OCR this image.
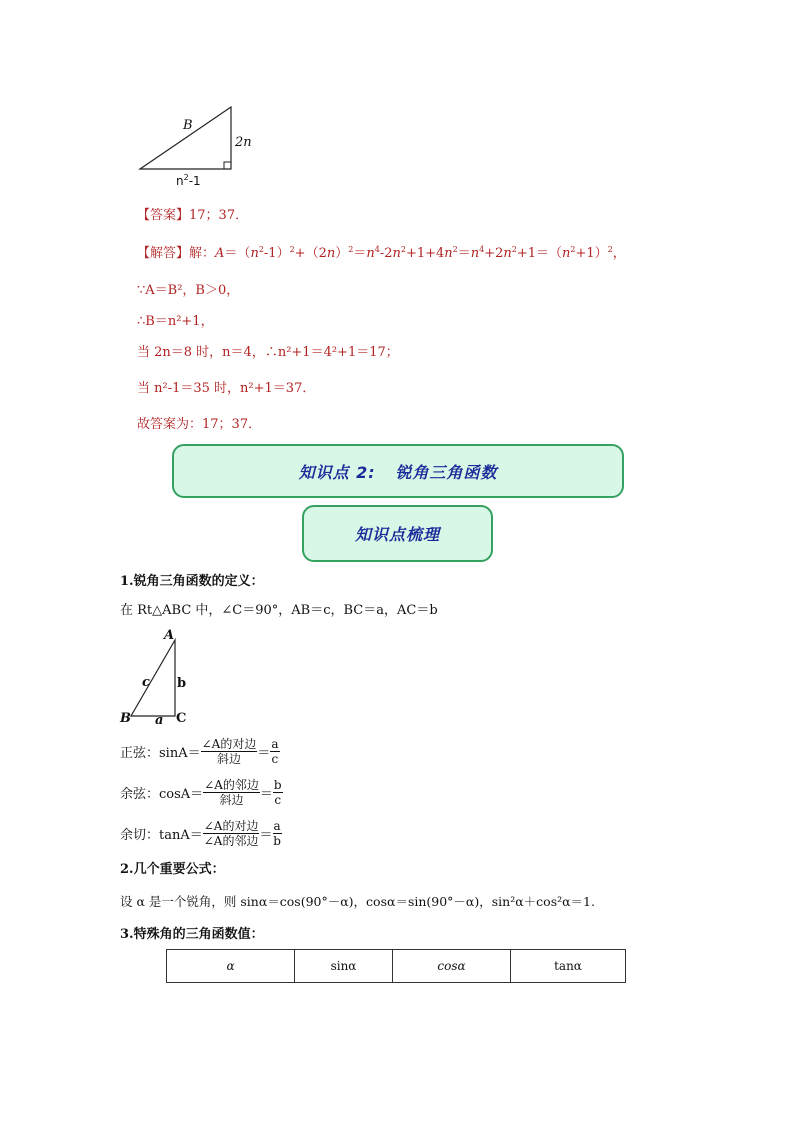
B
2n
$n^2-1$
【答案】17；37．
【解答】解：$A=(n^2-1)^2+(2n)^2=n^4-2n^2+1+4n^2=n^4+2n^2+1=(n^2+1)^2$，
∵A＝B²，B＞0，
∴B＝n²+1，
当 2n＝8 时，n＝4，∴n²+1＝4²+1＝17；
当 n²-1＝35 时，n²+1＝37．
故答案为：17；37．
知识点 2:   锐角三角函数
知识点梳理
1.锐角三角函数的定义：
在 Rt△ABC 中，∠C＝90°，AB＝c，BC＝a，AC＝b
A
B	C
c b
a
正弦：$\sin A= \frac{\text{∠A的对边}}{\text{斜边}} = \frac{a}{c}$
余弦：$\cos A= \frac{\text{∠A的邻边}}{\text{斜边}} = \frac{b}{c}$
余切：$\tan A= \frac{\text{∠A的对边}}{\text{∠A的邻边}} = \frac{a}{b}$
2.几个重要公式：
设 α 是一个锐角，则 sinα＝cos(90°－α)，cosα＝sin(90°－α)，sin²α＋cos²α＝1.
3.特殊角的三角函数值：
α	sinα	cosα	tanα
